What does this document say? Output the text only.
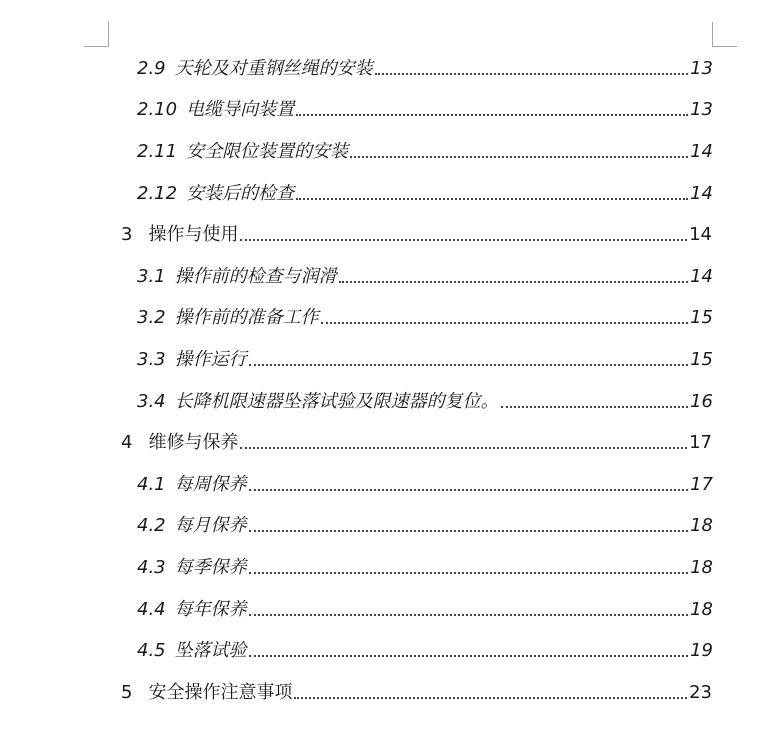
2.9 天轮及对重钢丝绳的安装	13
2.10 电缆导向装置	13
2.11 安全限位装置的安装	14
2.12 安装后的检查	14
3 操作与使用	14
3.1 操作前的检查与润滑	14
3.2 操作前的准备工作	15
3.3 操作运行	15
3.4 长降机限速器坠落试验及限速器的复位。	16
4 维修与保养	17
4.1 每周保养	17
4.2 每月保养	18
4.3 每季保养	18
4.4 每年保养	18
4.5 坠落试验	19
5 安全操作注意事项	23
